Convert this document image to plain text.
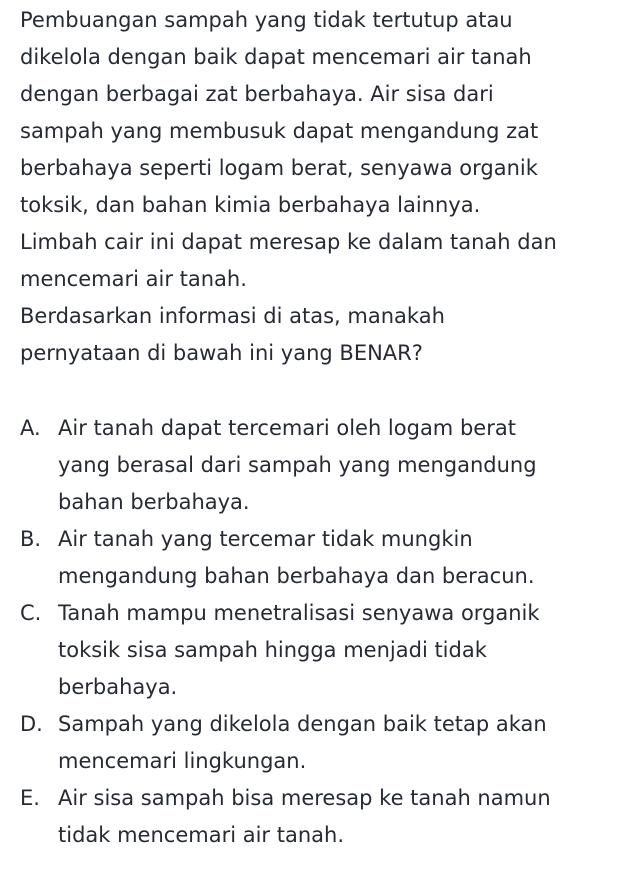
Pembuangan sampah yang tidak tertutup atau
dikelola dengan baik dapat mencemari air tanah
dengan berbagai zat berbahaya. Air sisa dari
sampah yang membusuk dapat mengandung zat
berbahaya seperti logam berat, senyawa organik
toksik, dan bahan kimia berbahaya lainnya.
Limbah cair ini dapat meresap ke dalam tanah dan
mencemari air tanah.

Berdasarkan informasi di atas, manakah
pernyataan di bawah ini yang BENAR?

A. Air tanah dapat tercemari oleh logam berat
yang berasal dari sampah yang mengandung
bahan berbahaya.
B. Air tanah yang tercemar tidak mungkin
mengandung bahan berbahaya dan beracun.
C. Tanah mampu menetralisasi senyawa organik
toksik sisa sampah hingga menjadi tidak
berbahaya.
D. Sampah yang dikelola dengan baik tetap akan
mencemari lingkungan.
E. Air sisa sampah bisa meresap ke tanah namun
tidak mencemari air tanah.
